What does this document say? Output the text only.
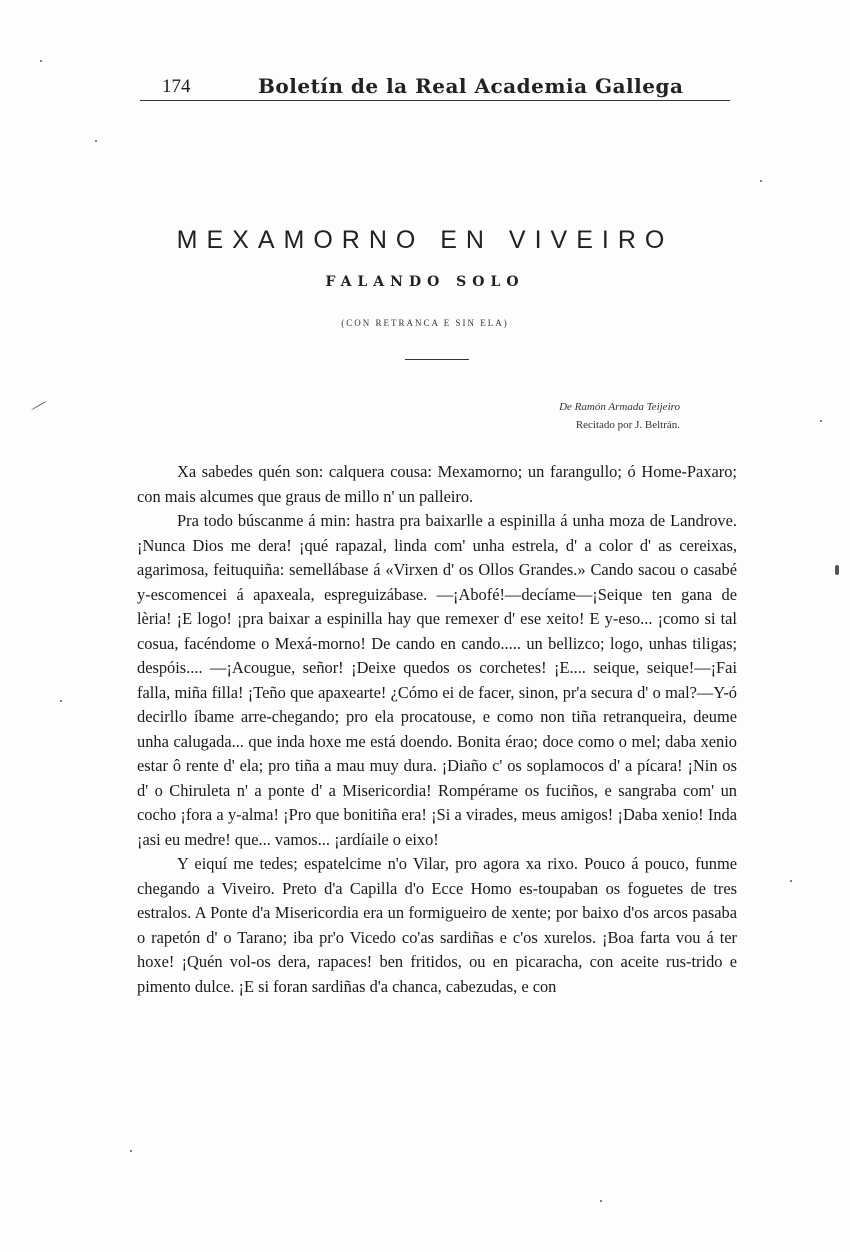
174	Boletín de la Real Academia Gallega
MEXAMORNO EN VIVEIRO
FALANDO SOLO
(CON RETRANCA E SIN ELA)
De Ramón Armada Teijeiro
Recitado por J. Beltrán.

Xa sabedes quén son: calquera cousa: Mexamorno; un farangullo; ó Home-Paxaro; con mais alcumes que graus de millo n' un palleiro.

Pra todo búscanme á min: hastra pra baixarlle a espinilla á unha moza de Landrove. ¡Nunca Dios me dera! ¡qué rapazal, linda com' unha estrela, d' a color d' as cereixas, agarimosa, feituquiña: semellábase á «Virxen d' os Ollos Grandes.» Cando sacou o casabé y-escomencei á apaxeala, espreguizábase. —¡Abofé!—decíame—¡Seique ten gana de lèria! ¡E logo! ¡pra baixar a espinilla hay que remexer d' ese xeito! E y-eso... ¡como si tal cosua, facéndome o Mexá-morno! De cando en cando..... un bellizco; logo, unhas tiligas; despóis.... —¡Acougue, señor! ¡Deixe quedos os corchetes! ¡E.... seique, seique!—¡Fai falla, miña filla! ¡Teño que apaxearte! ¿Cómo ei de facer, sinon, pr'a secura d' o mal?—Y-ó decirllo íbame arre-chegando; pro ela procatouse, e como non tiña retranqueira, deume unha calugada... que inda hoxe me está doendo. Bonita érao; doce como o mel; daba xenio estar ô rente d' ela; pro tiña a mau muy dura. ¡Diaño c' os soplamocos d' a pícara! ¡Nin os d' o Chiruleta n' a ponte d' a Misericordia! Rompérame os fuciños, e sangraba com' un cocho ¡fora a y-alma! ¡Pro que bonitiña era! ¡Si a virades, meus amigos! ¡Daba xenio! Inda ¡asi eu medre! que... vamos... ¡ardíaile o eixo!

Y eiquí me tedes; espatelcime n'o Vilar, pro agora xa rixo. Pouco á pouco, funme chegando a Viveiro. Preto d'a Capilla d'o Ecce Homo es-toupaban os foguetes de tres estralos. A Ponte d'a Misericordia era un formigueiro de xente; por baixo d'os arcos pasaba o rapetón d' o Tarano; iba pr'o Vicedo co'as sardiñas e c'os xurelos. ¡Boa farta vou á ter hoxe! ¡Quén vol-os dera, rapaces! ben fritidos, ou en picaracha, con aceite rus-trido e pimento dulce. ¡E si foran sardiñas d'a chanca, cabezudas, e con
